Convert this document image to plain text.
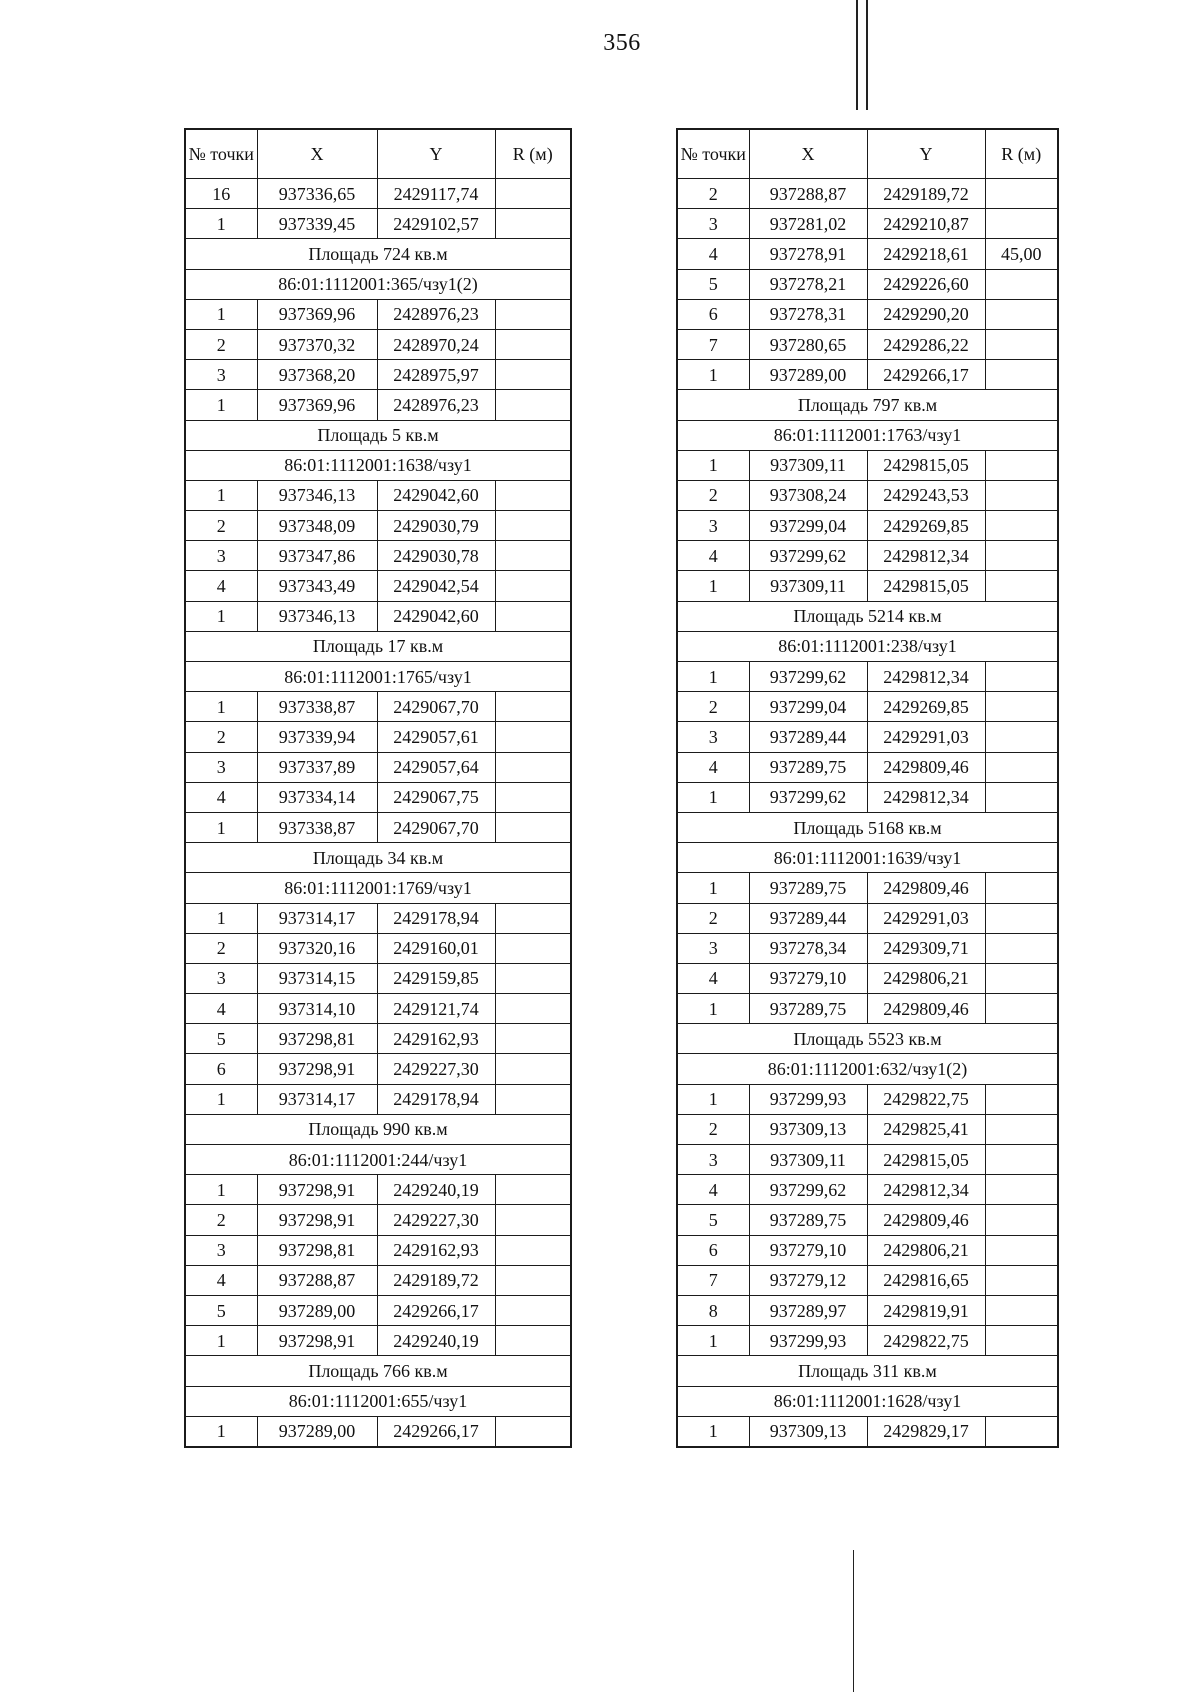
356
№ точки	X	Y	R (м)
16	937336,65	2429117,74	
1	937339,45	2429102,57	
Площадь 724 кв.м			
86:01:1112001:365/чзу1(2)			
1	937369,96	2428976,23	
2	937370,32	2428970,24	
3	937368,20	2428975,97	
1	937369,96	2428976,23	
Площадь 5 кв.м			
86:01:1112001:1638/чзу1			
1	937346,13	2429042,60	
2	937348,09	2429030,79	
3	937347,86	2429030,78	
4	937343,49	2429042,54	
1	937346,13	2429042,60	
Площадь 17 кв.м			
86:01:1112001:1765/чзу1			
1	937338,87	2429067,70	
2	937339,94	2429057,61	
3	937337,89	2429057,64	
4	937334,14	2429067,75	
1	937338,87	2429067,70	
Площадь 34 кв.м			
86:01:1112001:1769/чзу1			
1	937314,17	2429178,94	
2	937320,16	2429160,01	
3	937314,15	2429159,85	
4	937314,10	2429121,74	
5	937298,81	2429162,93	
6	937298,91	2429227,30	
1	937314,17	2429178,94	
Площадь 990 кв.м			
86:01:1112001:244/чзу1			
1	937298,91	2429240,19	
2	937298,91	2429227,30	
3	937298,81	2429162,93	
4	937288,87	2429189,72	
5	937289,00	2429266,17	
1	937298,91	2429240,19	
Площадь 766 кв.м			
86:01:1112001:655/чзу1			
1	937289,00	2429266,17	
№ точки	X	Y	R (м)
2	937288,87	2429189,72	
3	937281,02	2429210,87	
4	937278,91	2429218,61	45,00
5	937278,21	2429226,60	
6	937278,31	2429290,20	
7	937280,65	2429286,22	
1	937289,00	2429266,17	
Площадь 797 кв.м			
86:01:1112001:1763/чзу1			
1	937309,11	2429815,05	
2	937308,24	2429243,53	
3	937299,04	2429269,85	
4	937299,62	2429812,34	
1	937309,11	2429815,05	
Площадь 5214 кв.м			
86:01:1112001:238/чзу1			
1	937299,62	2429812,34	
2	937299,04	2429269,85	
3	937289,44	2429291,03	
4	937289,75	2429809,46	
1	937299,62	2429812,34	
Площадь 5168 кв.м			
86:01:1112001:1639/чзу1			
1	937289,75	2429809,46	
2	937289,44	2429291,03	
3	937278,34	2429309,71	
4	937279,10	2429806,21	
1	937289,75	2429809,46	
Площадь 5523 кв.м			
86:01:1112001:632/чзу1(2)			
1	937299,93	2429822,75	
2	937309,13	2429825,41	
3	937309,11	2429815,05	
4	937299,62	2429812,34	
5	937289,75	2429809,46	
6	937279,10	2429806,21	
7	937279,12	2429816,65	
8	937289,97	2429819,91	
1	937299,93	2429822,75	
Площадь 311 кв.м			
86:01:1112001:1628/чзу1			
1	937309,13	2429829,17	
